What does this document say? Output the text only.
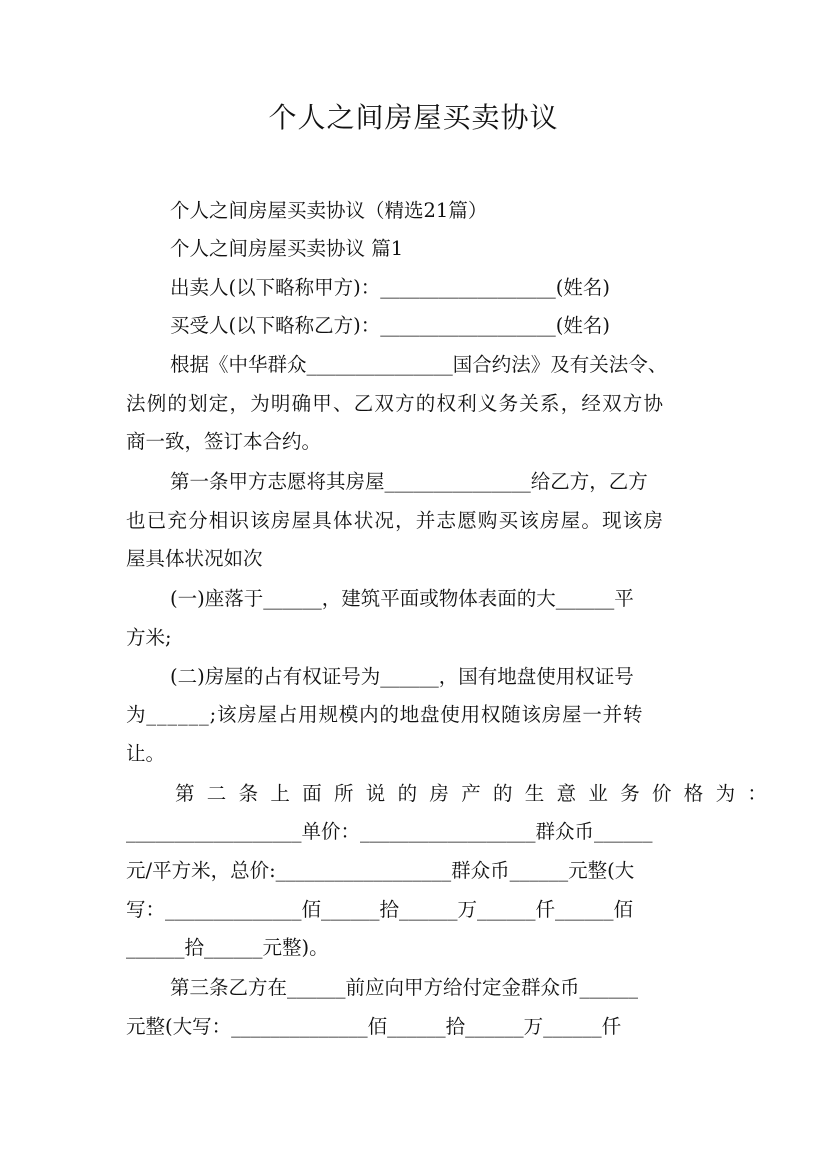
个人之间房屋买卖协议
个人之间房屋买卖协议（精选21篇）
个人之间房屋买卖协议 篇1
出卖人(以下略称甲方)：__________________(姓名)
买受人(以下略称乙方)：__________________(姓名)
根据《中华群众_______________国合约法》及有关法令、
法例的划定，为明确甲、乙双方的权利义务关系，经双方协
商一致，签订本合约。
第一条甲方志愿将其房屋_______________给乙方，乙方
也已充分相识该房屋具体状况，并志愿购买该房屋。现该房
屋具体状况如次
(一)座落于______，建筑平面或物体表面的大______平
方米;
(二)房屋的占有权证号为______，国有地盘使用权证号
为______;该房屋占用规模内的地盘使用权随该房屋一并转
让。
第二条上面所说的房产的生意业务价格为：
__________________单价：__________________群众币______
元/平方米，总价:__________________群众币______元整(大
写：______________佰______拾______万______仟______佰
______拾______元整)。
第三条乙方在______前应向甲方给付定金群众币______
元整(大写：______________佰______拾______万______仟
